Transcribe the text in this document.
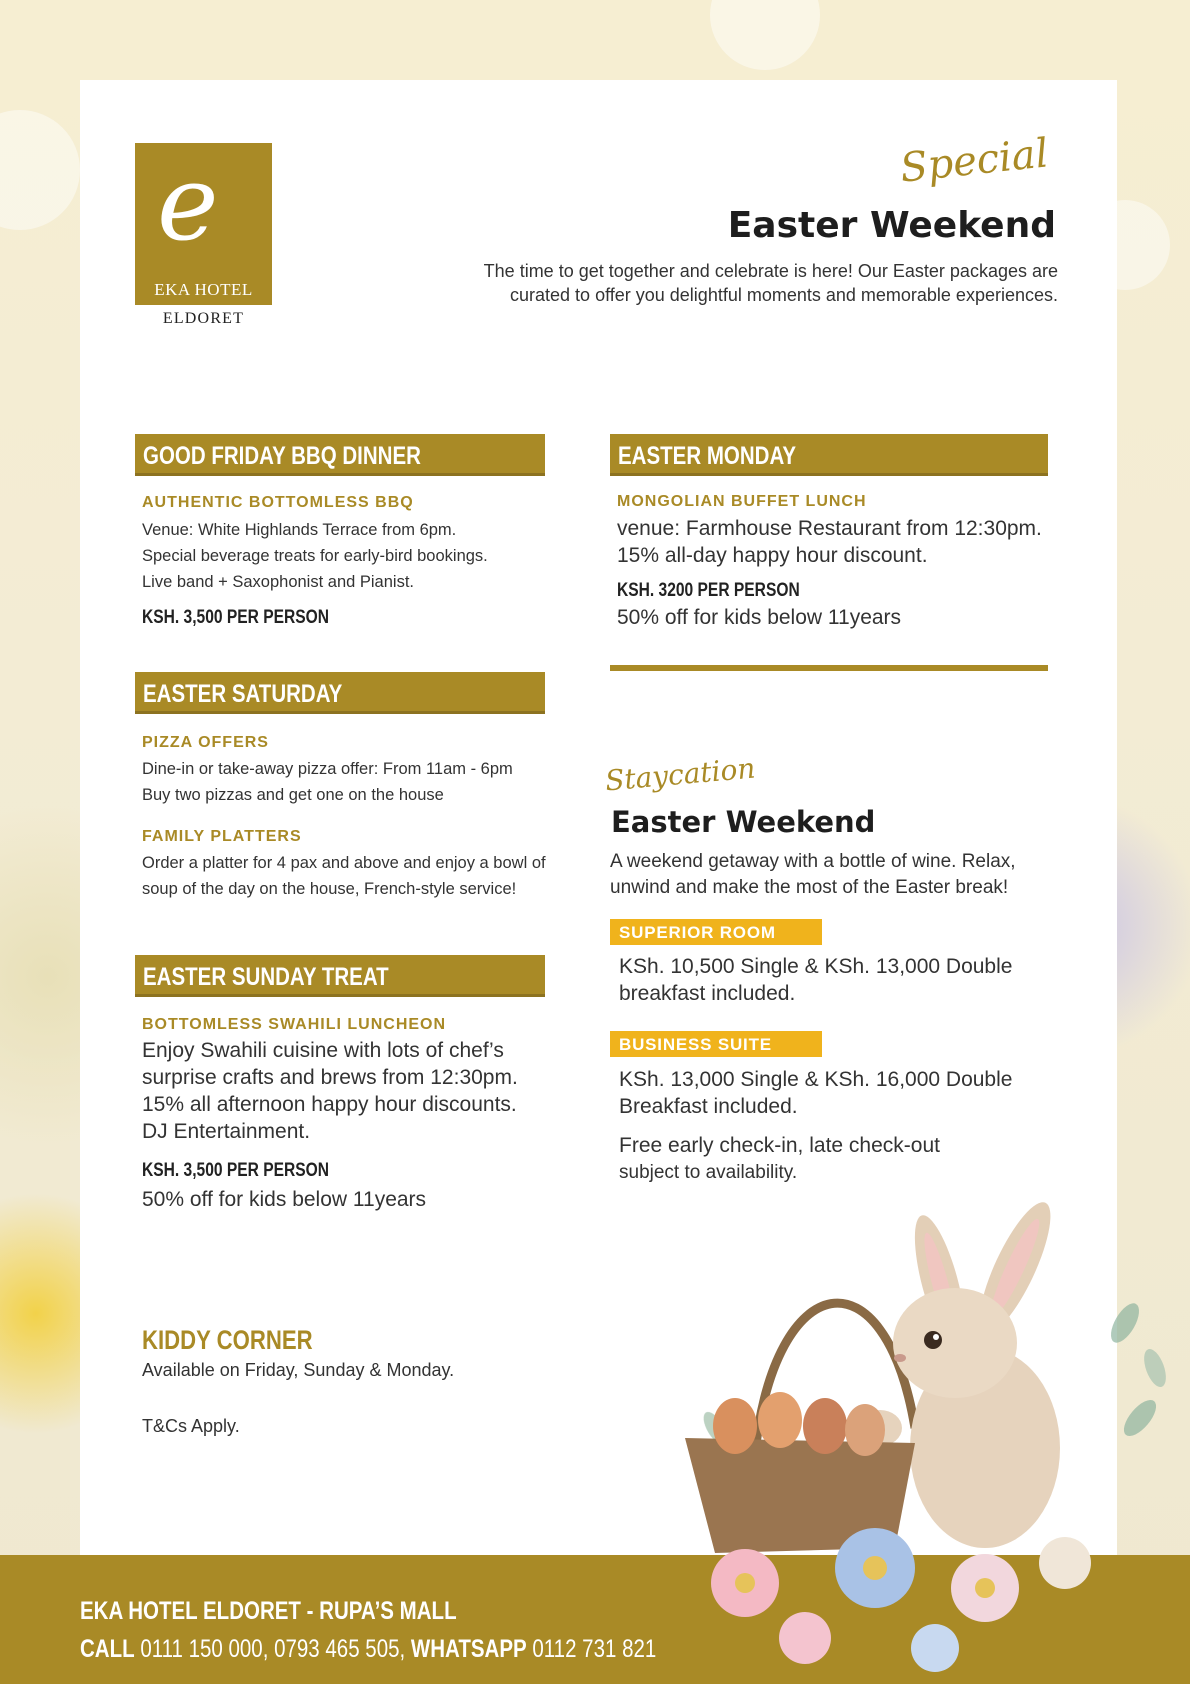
e
EKA HOTEL
ELDORET
Special
Easter Weekend
The time to get together and celebrate is here! Our Easter packages are
curated to offer you delightful moments and memorable experiences.
GOOD FRIDAY BBQ DINNER
AUTHENTIC BOTTOMLESS BBQ
Venue: White Highlands Terrace from 6pm.
Special beverage treats for early-bird bookings.
Live band + Saxophonist and Pianist.
KSH. 3,500 PER PERSON
EASTER SATURDAY
PIZZA OFFERS
Dine-in or take-away pizza offer: From 11am - 6pm
Buy two pizzas and get one on the house
FAMILY PLATTERS
Order a platter for 4 pax and above and enjoy a bowl of
soup of the day on the house, French-style service!
EASTER SUNDAY TREAT
BOTTOMLESS SWAHILI LUNCHEON
Enjoy Swahili cuisine with lots of chef’s
surprise crafts and brews from 12:30pm.
15% all afternoon happy hour discounts.
DJ Entertainment.
KSH. 3,500 PER PERSON
50% off for kids below 11years
EASTER MONDAY
MONGOLIAN BUFFET LUNCH
venue: Farmhouse Restaurant from 12:30pm.
15% all-day happy hour discount.
KSH. 3200 PER PERSON
50% off for kids below 11years
Staycation
Easter Weekend
A weekend getaway with a bottle of wine. Relax,
unwind and make the most of the Easter break!
SUPERIOR ROOM
KSh. 10,500 Single & KSh. 13,000 Double
breakfast included.
BUSINESS SUITE
KSh. 13,000 Single & KSh. 16,000 Double
Breakfast included.
Free early check-in, late check-out
subject to availability.
KIDDY CORNER
Available on Friday, Sunday & Monday.
T&Cs Apply.
EKA HOTEL ELDORET - RUPA’S MALL
CALL 0111 150 000, 0793 465 505, WHATSAPP 0112 731 821
